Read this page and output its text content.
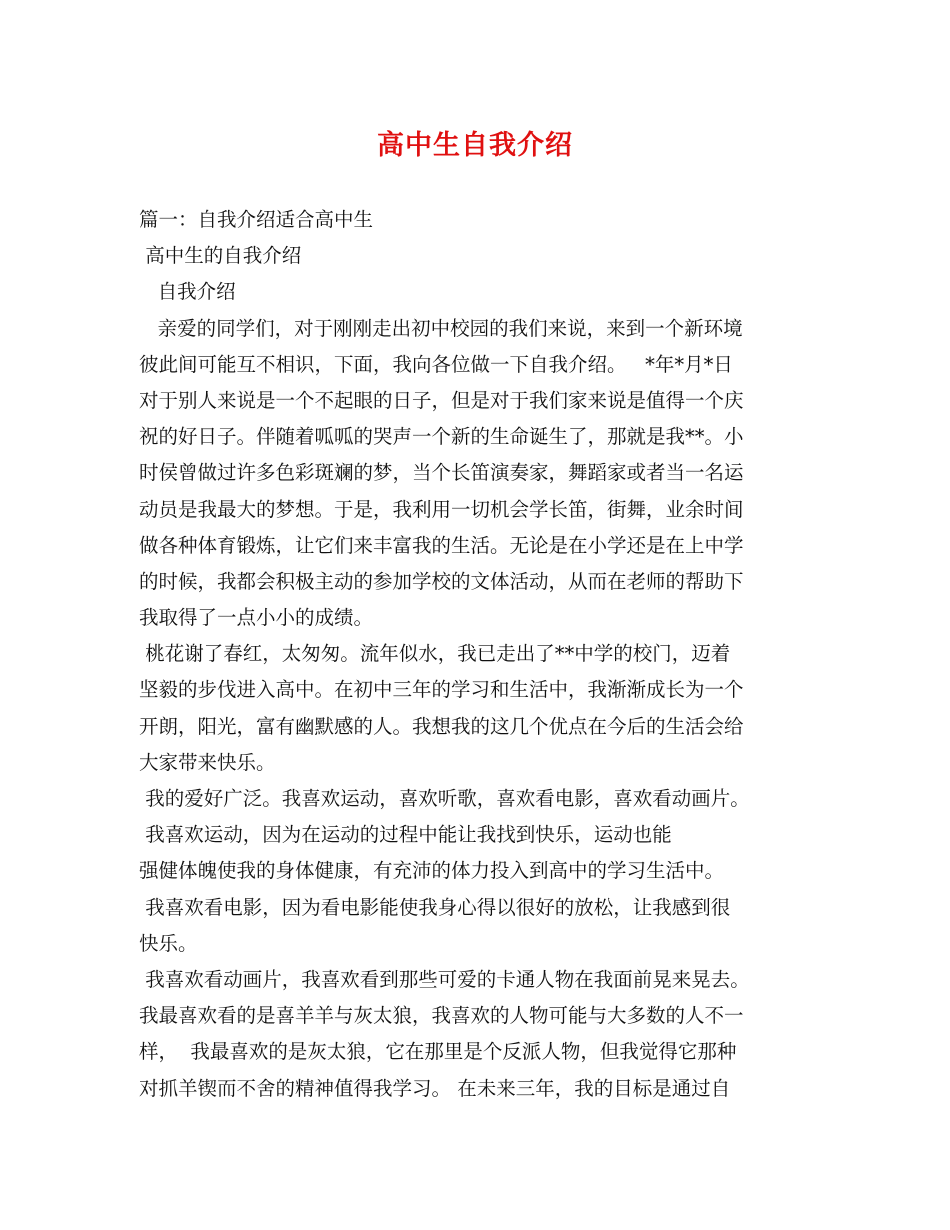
高中生自我介绍
篇一：自我介绍适合高中生
高中生的自我介绍
自我介绍
亲爱的同学们，对于刚刚走出初中校园的我们来说，来到一个新环境
彼此间可能互不相识，下面，我向各位做一下自我介绍。   *年*月*日
对于别人来说是一个不起眼的日子，但是对于我们家来说是值得一个庆
祝的好日子。伴随着呱呱的哭声一个新的生命诞生了，那就是我**。小
时侯曾做过许多色彩斑斓的梦，当个长笛演奏家，舞蹈家或者当一名运
动员是我最大的梦想。于是，我利用一切机会学长笛，街舞，业余时间
做各种体育锻炼，让它们来丰富我的生活。无论是在小学还是在上中学
的时候，我都会积极主动的参加学校的文体活动，从而在老师的帮助下
我取得了一点小小的成绩。
桃花谢了春红，太匆匆。流年似水，我已走出了**中学的校门，迈着
坚毅的步伐进入高中。在初中三年的学习和生活中，我渐渐成长为一个
开朗，阳光，富有幽默感的人。我想我的这几个优点在今后的生活会给
大家带来快乐。
我的爱好广泛。我喜欢运动，喜欢听歌，喜欢看电影，喜欢看动画片。
我喜欢运动，因为在运动的过程中能让我找到快乐，运动也能
强健体魄使我的身体健康，有充沛的体力投入到高中的学习生活中。
我喜欢看电影，因为看电影能使我身心得以很好的放松，让我感到很
快乐。
我喜欢看动画片，我喜欢看到那些可爱的卡通人物在我面前晃来晃去。
我最喜欢看的是喜羊羊与灰太狼，我喜欢的人物可能与大多数的人不一
样，  我最喜欢的是灰太狼，它在那里是个反派人物，但我觉得它那种
对抓羊锲而不舍的精神值得我学习。 在未来三年，我的目标是通过自
